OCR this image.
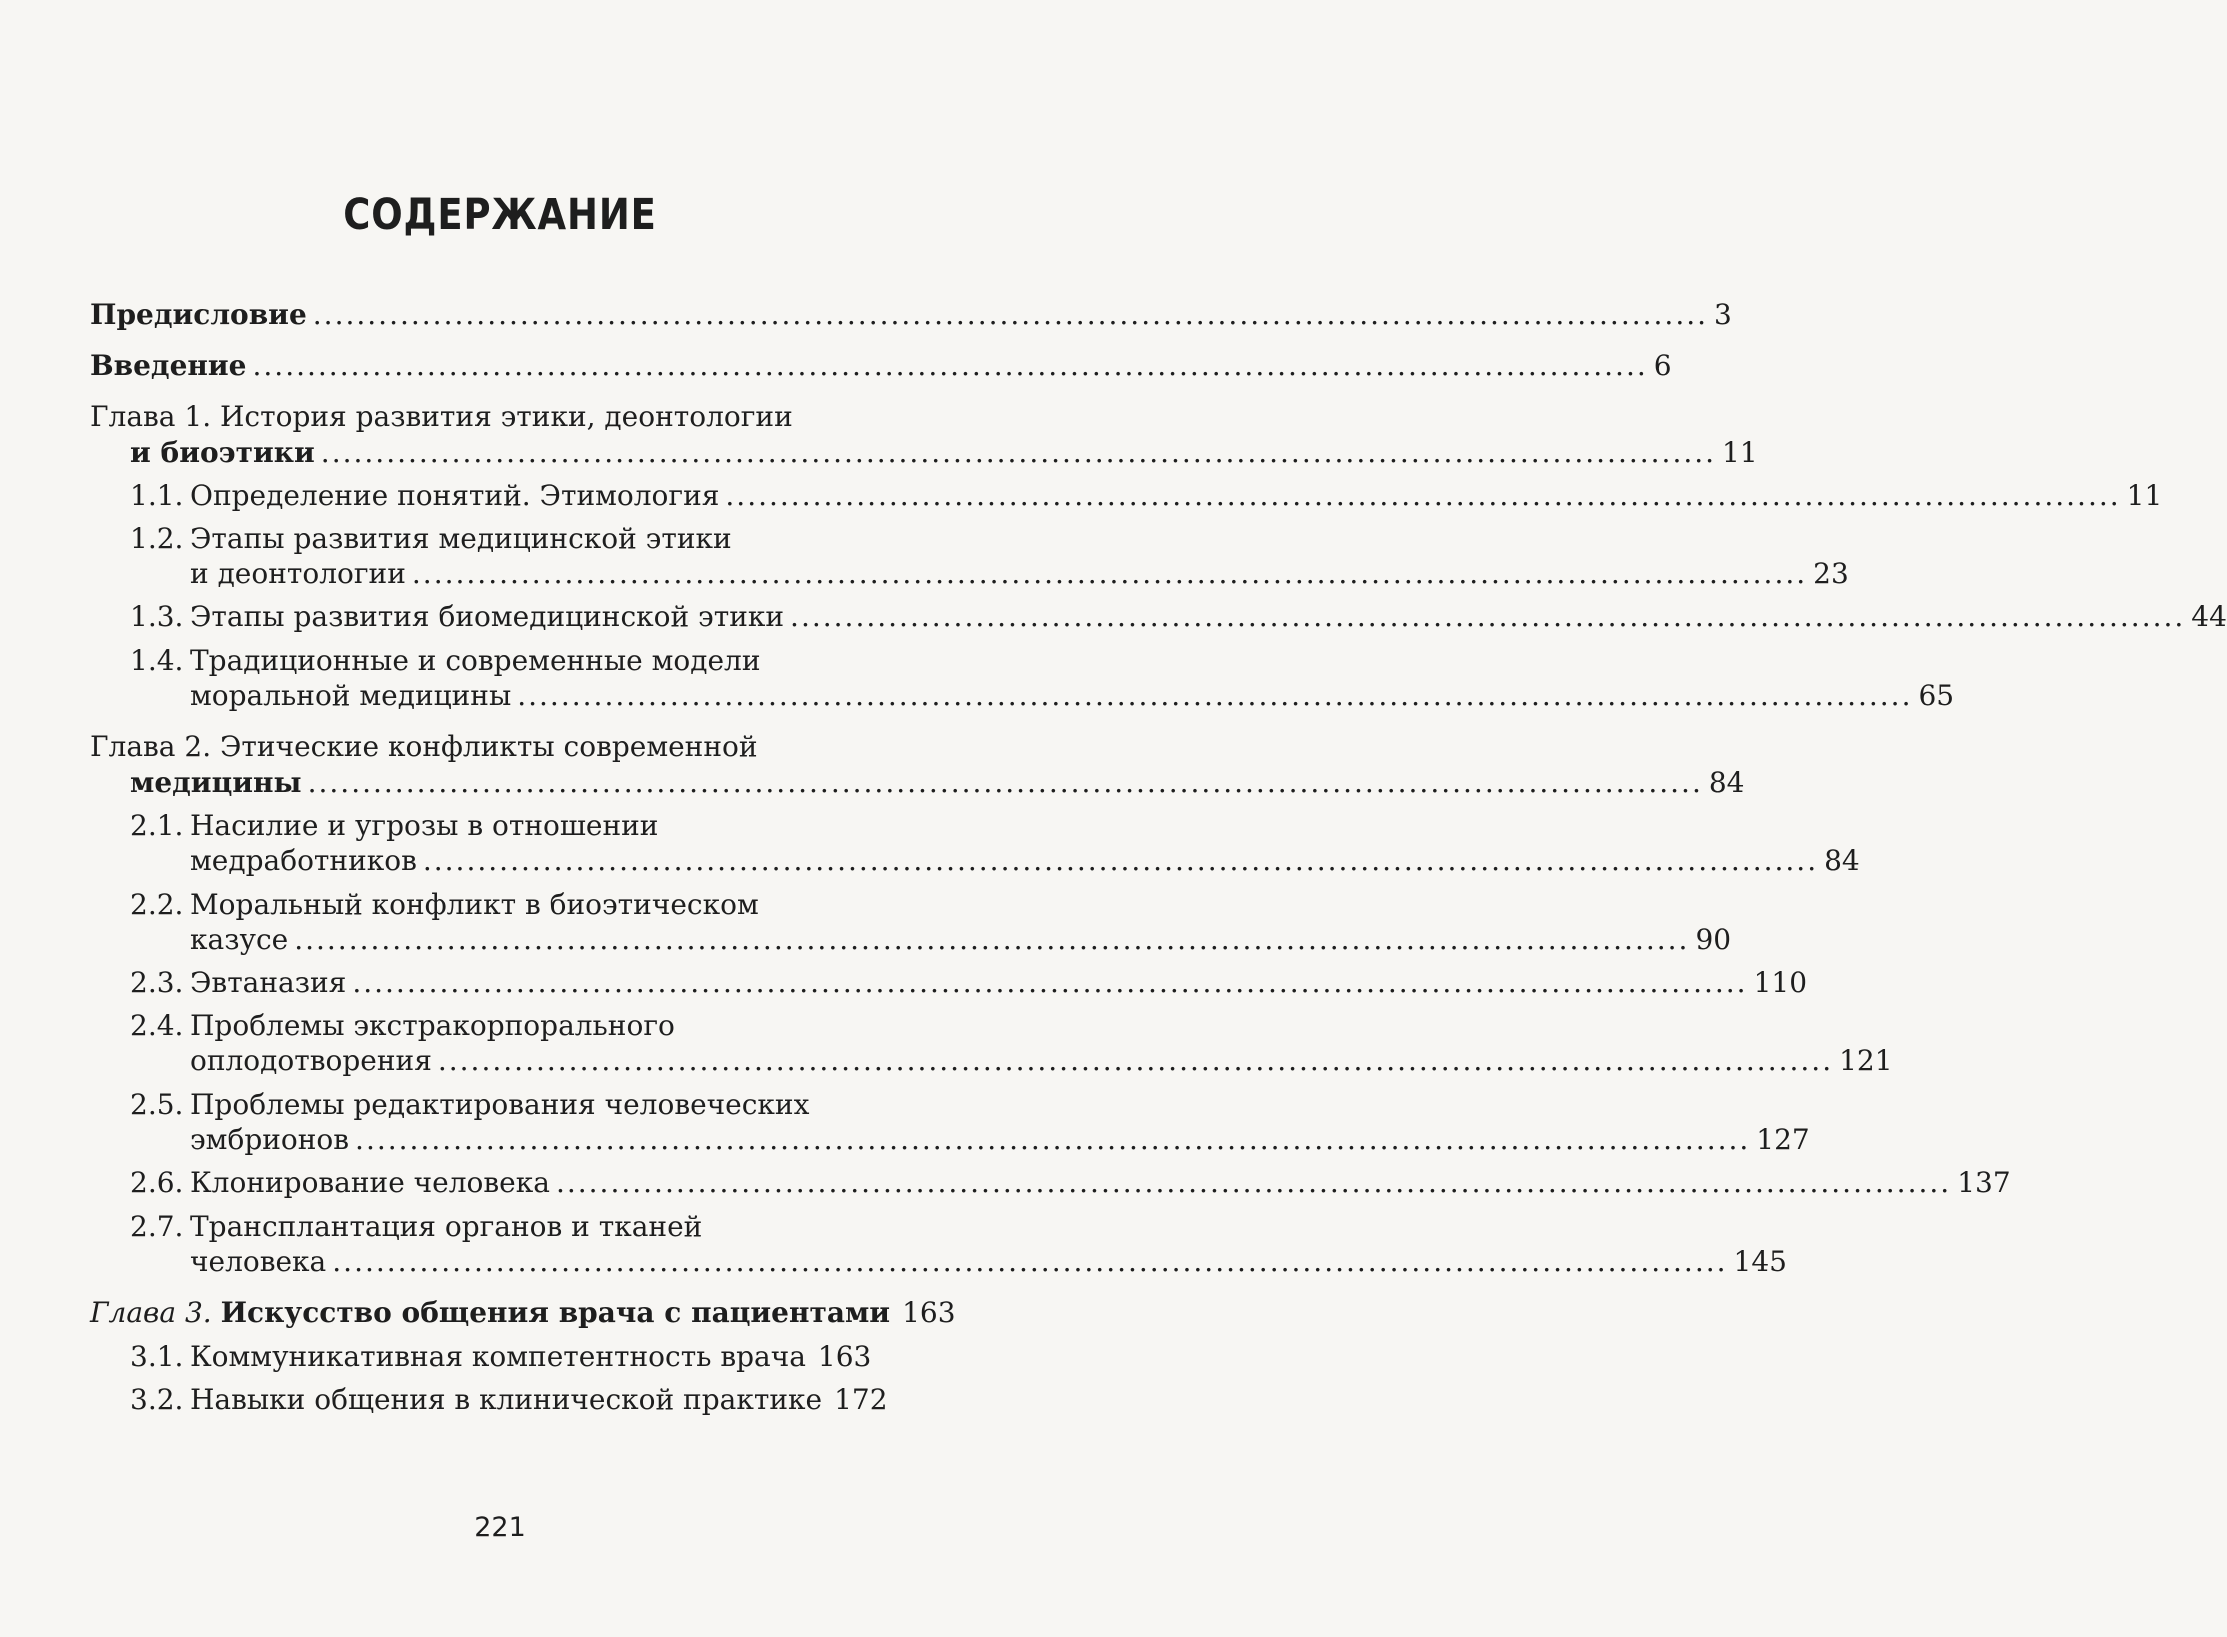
СОДЕРЖАНИЕ
Предисловие ................................................................................................................................ 3
Введение ................................................................................................................................ 6
Глава 1. История развития этики, деонтологии
и биоэтики ................................................................................................................................ 11
1.1. Определение понятий. Этимология ................................................................................................................................ 11
1.2. Этапы развития медицинской этики
и деонтологии ................................................................................................................................ 23
1.3. Этапы развития биомедицинской этики ................................................................................................................................ 44
1.4. Традиционные и современные модели
моральной медицины ................................................................................................................................ 65
Глава 2. Этические конфликты современной
медицины ................................................................................................................................ 84
2.1. Насилие и угрозы в отношении
медработников ................................................................................................................................ 84
2.2. Моральный конфликт в биоэтическом
казусе ................................................................................................................................ 90
2.3. Эвтаназия ................................................................................................................................ 110
2.4. Проблемы экстракорпорального
оплодотворения ................................................................................................................................ 121
2.5. Проблемы редактирования человеческих
эмбрионов ................................................................................................................................ 127
2.6. Клонирование человека ................................................................................................................................ 137
2.7. Трансплантация органов и тканей
человека ................................................................................................................................ 145
Глава 3. Искусство общения врача с пациентами 163
3.1. Коммуникативная компетентность врача 163
3.2. Навыки общения в клинической практике 172
221
